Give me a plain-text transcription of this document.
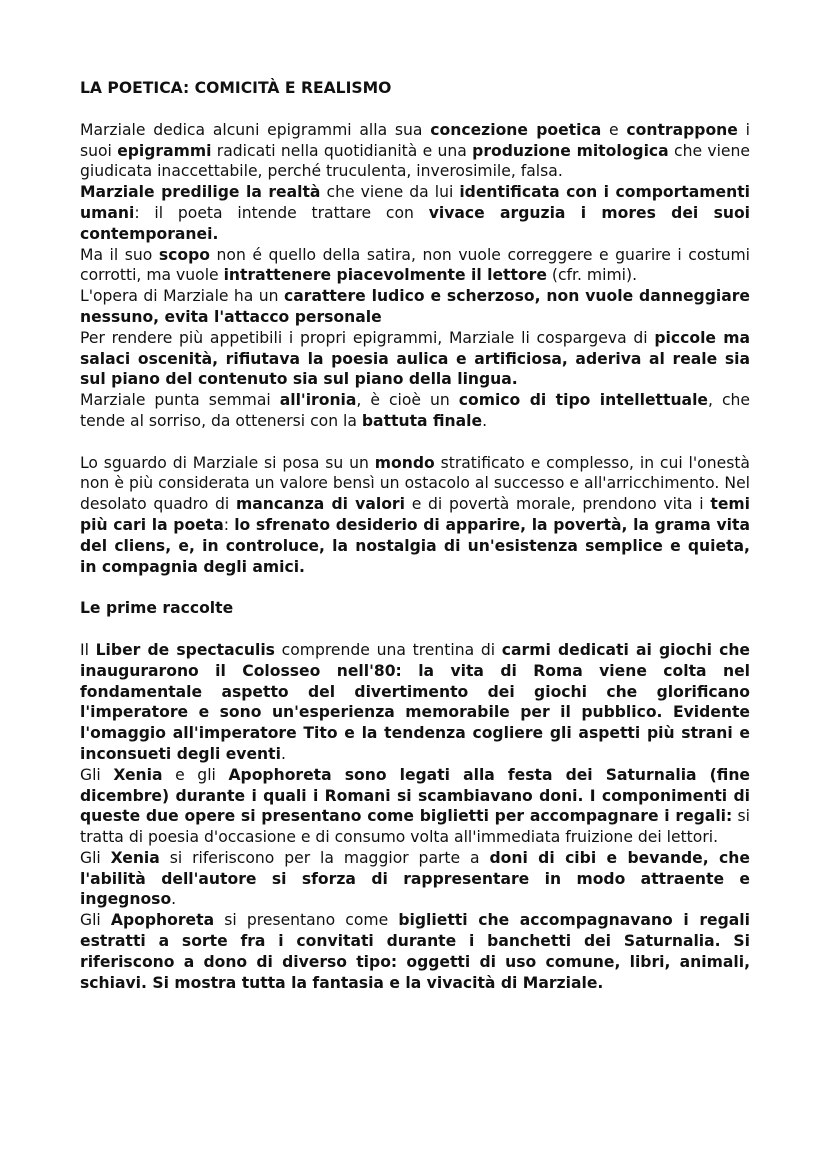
LA POETICA: COMICITÀ E REALISMO

Marziale dedica alcuni epigrammi alla sua concezione poetica e contrappone i suoi epigrammi radicati nella quotidianità e una produzione mitologica che viene giudicata inaccettabile, perché truculenta, inverosimile, falsa.

Marziale predilige la realtà che viene da lui identificata con i comportamenti umani: il poeta intende trattare con vivace arguzia i mores dei suoi contemporanei.

Ma il suo scopo non é quello della satira, non vuole correggere e guarire i costumi corrotti, ma vuole intrattenere piacevolmente il lettore (cfr. mimi).

L'opera di Marziale ha un carattere ludico e scherzoso, non vuole danneggiare nessuno, evita l'attacco personale

Per rendere più appetibili i propri epigrammi, Marziale li cospargeva di piccole ma salaci oscenità, rifiutava la poesia aulica e artificiosa, aderiva al reale sia sul piano del contenuto sia sul piano della lingua.

Marziale punta semmai all'ironia, è cioè un comico di tipo intellettuale, che tende al sorriso, da ottenersi con la battuta finale.

Lo sguardo di Marziale si posa su un mondo stratificato e complesso, in cui l'onestà non è più considerata un valore bensì un ostacolo al successo e all'arricchimento. Nel desolato quadro di mancanza di valori e di povertà morale, prendono vita i temi più cari la poeta: lo sfrenato desiderio di apparire, la povertà, la grama vita del cliens, e, in controluce, la nostalgia di un'esistenza semplice e quieta, in compagnia degli amici.

Le prime raccolte

Il Liber de spectaculis comprende una trentina di carmi dedicati ai giochi che inaugurarono il Colosseo nell'80: la vita di Roma viene colta nel fondamentale aspetto del divertimento dei giochi che glorificano l'imperatore e sono un'esperienza memorabile per il pubblico. Evidente l'omaggio all'imperatore Tito e la tendenza cogliere gli aspetti più strani e inconsueti degli eventi.

Gli Xenia e gli Apophoreta sono legati alla festa dei Saturnalia (fine dicembre) durante i quali i Romani si scambiavano doni. I componimenti di queste due opere si presentano come biglietti per accompagnare i regali: si tratta di poesia d'occasione e di consumo volta all'immediata fruizione dei lettori.

Gli Xenia si riferiscono per la maggior parte a doni di cibi e bevande, che l'abilità dell'autore si sforza di rappresentare in modo attraente e ingegnoso.

Gli Apophoreta si presentano come biglietti che accompagnavano i regali estratti a sorte fra i convitati durante i banchetti dei Saturnalia. Si riferiscono a dono di diverso tipo: oggetti di uso comune, libri, animali, schiavi. Si mostra tutta la fantasia e la vivacità di Marziale.
